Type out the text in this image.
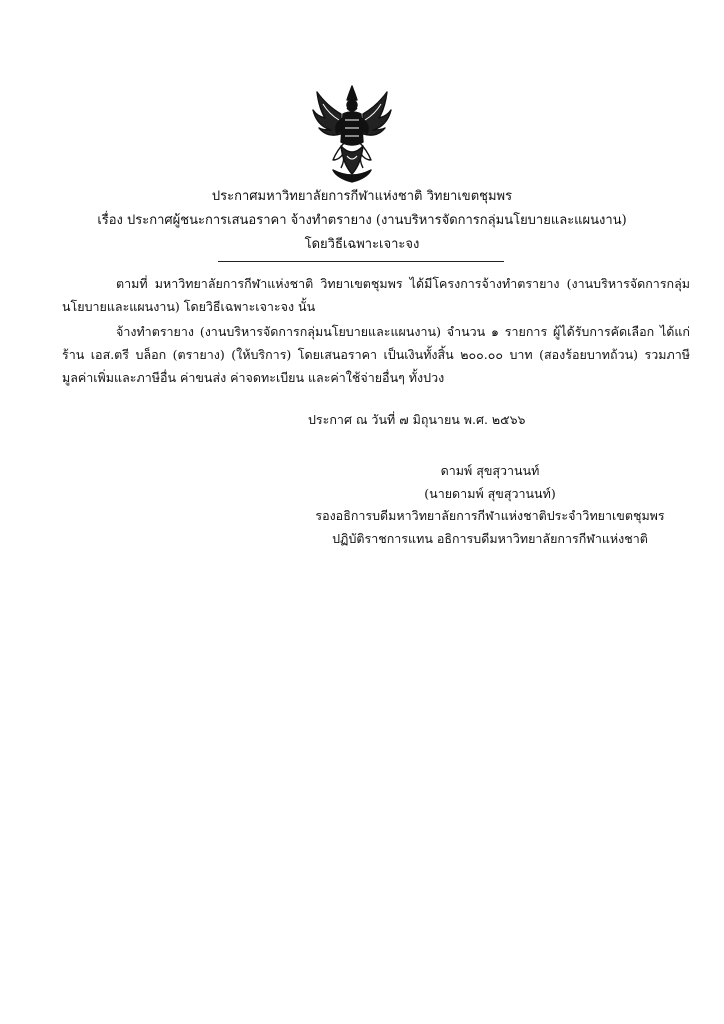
ประกาศมหาวิทยาลัยการกีฬาแห่งชาติ วิทยาเขตชุมพร
เรื่อง ประกาศผู้ชนะการเสนอราคา จ้างทำตรายาง (งานบริหารจัดการกลุ่มนโยบายและแผนงาน)
โดยวิธีเฉพาะเจาะจง
ตามที่ มหาวิทยาลัยการกีฬาแห่งชาติ วิทยาเขตชุมพร ได้มีโครงการจ้างทำตรายาง (งานบริหารจัดการกลุ่มนโยบายและแผนงาน) โดยวิธีเฉพาะเจาะจง นั้น
จ้างทำตรายาง (งานบริหารจัดการกลุ่มนโยบายและแผนงาน) จำนวน ๑ รายการ ผู้ได้รับการคัดเลือก ได้แก่ ร้าน เอส.ตรี บล็อก (ตรายาง) (ให้บริการ) โดยเสนอราคา เป็นเงินทั้งสิ้น ๒๐๐.๐๐ บาท (สองร้อยบาทถ้วน) รวมภาษีมูลค่าเพิ่มและภาษีอื่น ค่าขนส่ง ค่าจดทะเบียน และค่าใช้จ่ายอื่นๆ ทั้งปวง
ประกาศ ณ วันที่ ๗ มิถุนายน พ.ศ. ๒๕๖๖
ดามพ์ สุขสุวานนท์
(นายดามพ์ สุขสุวานนท์)
รองอธิการบดีมหาวิทยาลัยการกีฬาแห่งชาติประจำวิทยาเขตชุมพร
ปฏิบัติราชการแทน อธิการบดีมหาวิทยาลัยการกีฬาแห่งชาติ
